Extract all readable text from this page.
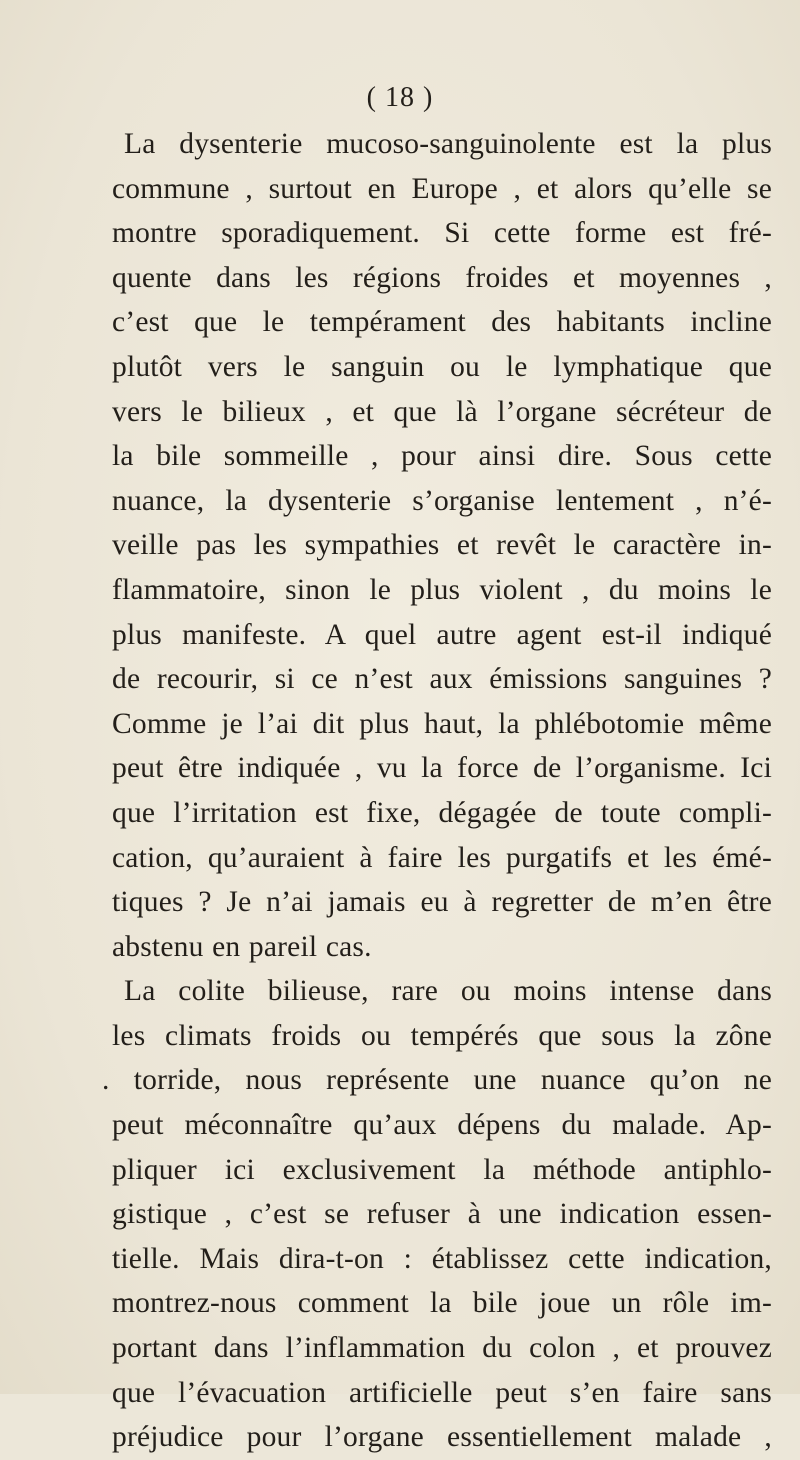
( 18 )
La dysenterie mucoso-sanguinolente est la plus
commune , surtout en Europe , et alors qu’elle se
montre sporadiquement. Si cette forme est fré-
quente dans les régions froides et moyennes ,
c’est que le tempérament des habitants incline
plutôt vers le sanguin ou le lymphatique que
vers le bilieux , et que là l’organe sécréteur de
la bile sommeille , pour ainsi dire. Sous cette
nuance, la dysenterie s’organise lentement , n’é-
veille pas les sympathies et revêt le caractère in-
flammatoire, sinon le plus violent , du moins le
plus manifeste. A quel autre agent est-il indiqué
de recourir, si ce n’est aux émissions sanguines ?
Comme je l’ai dit plus haut, la phlébotomie même
peut être indiquée , vu la force de l’organisme. Ici
que l’irritation est fixe, dégagée de toute compli-
cation, qu’auraient à faire les purgatifs et les émé-
tiques ? Je n’ai jamais eu à regretter de m’en être
abstenu en pareil cas.
La colite bilieuse, rare ou moins intense dans
les climats froids ou tempérés que sous la zône
. torride, nous représente une nuance qu’on ne
peut méconnaître qu’aux dépens du malade. Ap-
pliquer ici exclusivement la méthode antiphlo-
gistique , c’est se refuser à une indication essen-
tielle. Mais dira-t-on : établissez cette indication,
montrez-nous comment la bile joue un rôle im-
portant dans l’inflammation du colon , et prouvez
que l’évacuation artificielle peut s’en faire sans
préjudice pour l’organe essentiellement malade ,
